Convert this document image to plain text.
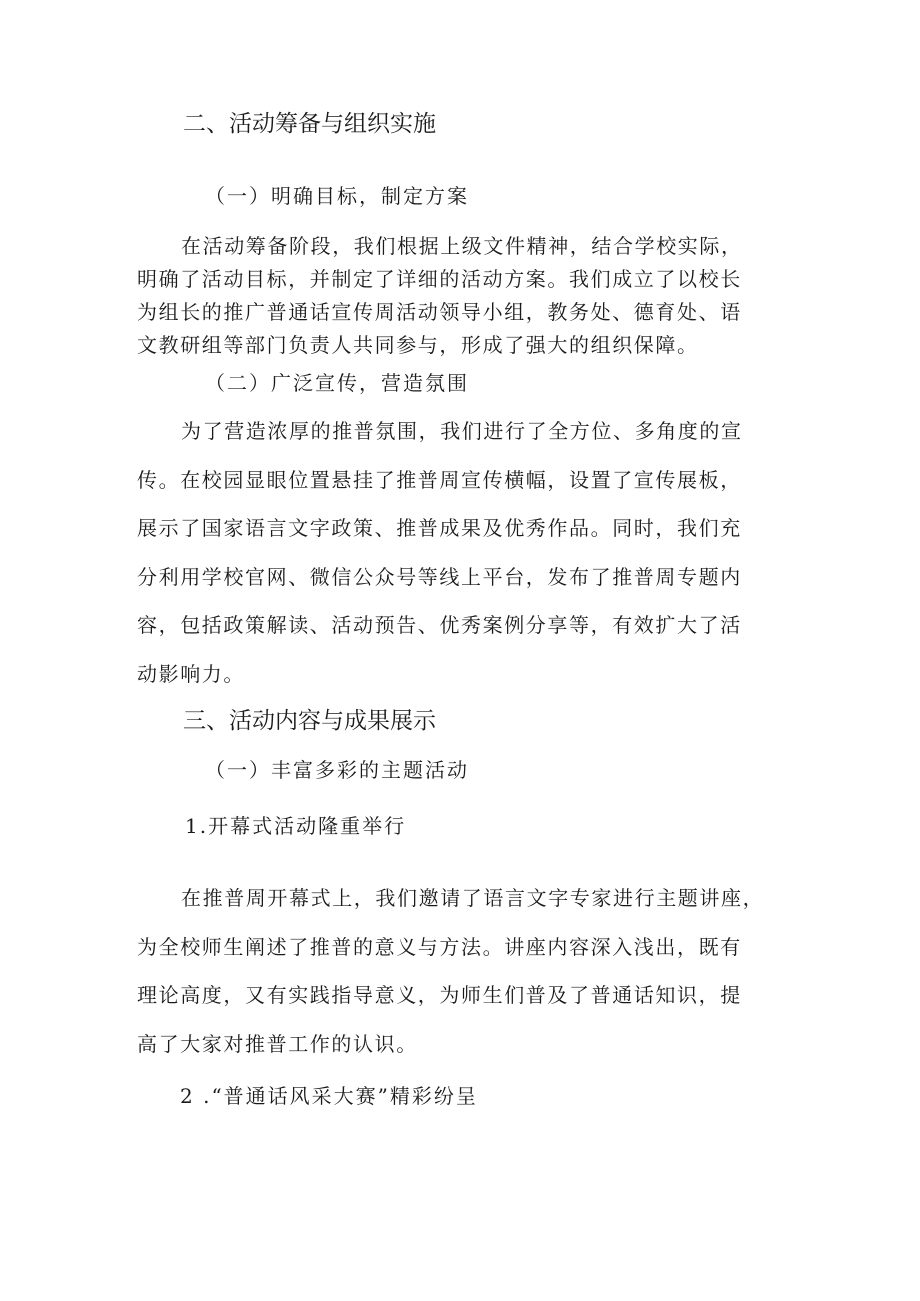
二、活动筹备与组织实施
（一）明确目标，制定方案
在活动筹备阶段，我们根据上级文件精神，结合学校实际，
明确了活动目标，并制定了详细的活动方案。我们成立了以校长
为组长的推广普通话宣传周活动领导小组，教务处、德育处、语
文教研组等部门负责人共同参与，形成了强大的组织保障。
（二）广泛宣传，营造氛围
为了营造浓厚的推普氛围，我们进行了全方位、多角度的宣
传。在校园显眼位置悬挂了推普周宣传横幅，设置了宣传展板，
展示了国家语言文字政策、推普成果及优秀作品。同时，我们充
分利用学校官网、微信公众号等线上平台，发布了推普周专题内
容，包括政策解读、活动预告、优秀案例分享等，有效扩大了活
动影响力。
三、活动内容与成果展示
（一）丰富多彩的主题活动
1.开幕式活动隆重举行
在推普周开幕式上，我们邀请了语言文字专家进行主题讲座，
为全校师生阐述了推普的意义与方法。讲座内容深入浅出，既有
理论高度，又有实践指导意义，为师生们普及了普通话知识，提
高了大家对推普工作的认识。
2 .“普通话风采大赛”精彩纷呈
